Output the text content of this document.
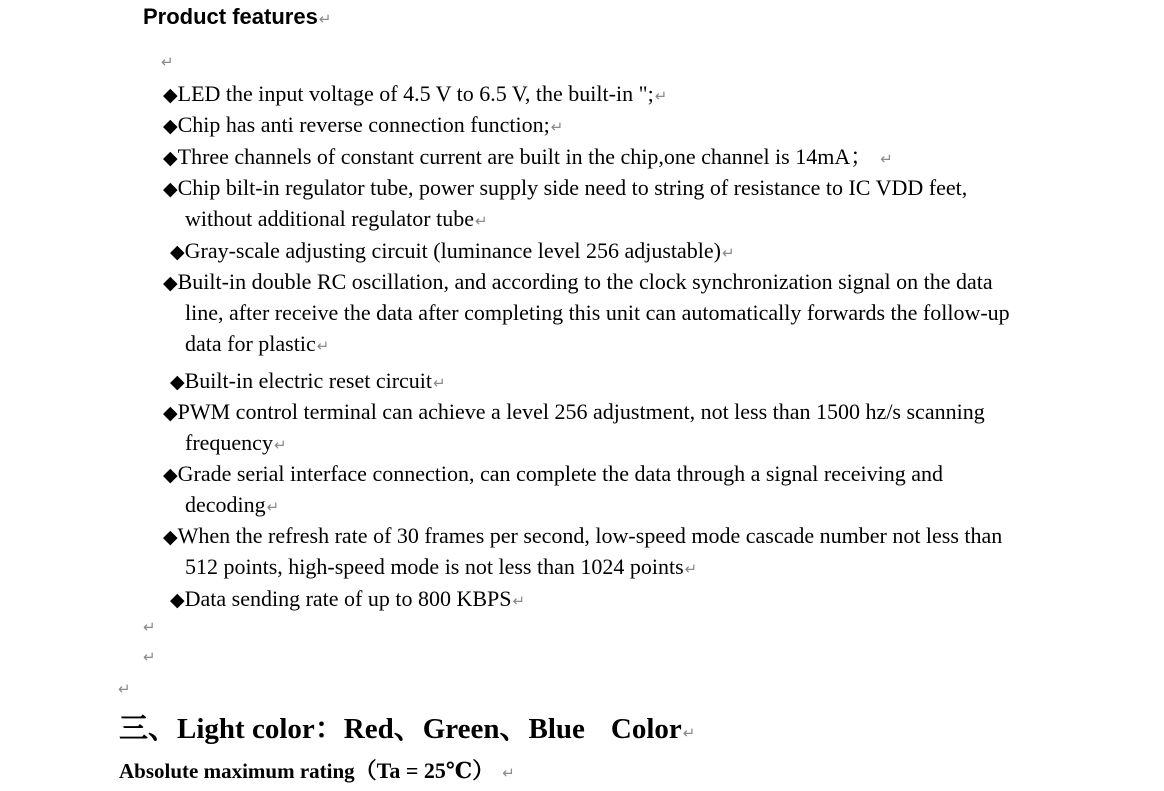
Product features↵
↵
◆LED the input voltage of 4.5 V to 6.5 V, the built-in ";↵
◆Chip has anti reverse connection function;↵
◆Three channels of constant current are built in the chip,one channel is 14mA； ↵
◆Chip bilt-in regulator tube, power supply side need to string of resistance to IC VDD feet,
without additional regulator tube↵
◆Gray-scale adjusting circuit (luminance level 256 adjustable)↵
◆Built-in double RC oscillation, and according to the clock synchronization signal on the data
line, after receive the data after completing this unit can automatically forwards the follow-up
data for plastic↵
◆Built-in electric reset circuit↵
◆PWM control terminal can achieve a level 256 adjustment, not less than 1500 hz/s scanning
frequency↵
◆Grade serial interface connection, can complete the data through a signal receiving and
decoding↵
◆When the refresh rate of 30 frames per second, low-speed mode cascade number not less than
512 points, high-speed mode is not less than 1024 points↵
◆Data sending rate of up to 800 KBPS↵
↵
↵
↵
三、Light color：Red、Green、Blue Color↵
Absolute maximum rating（Ta = 25℃） ↵
